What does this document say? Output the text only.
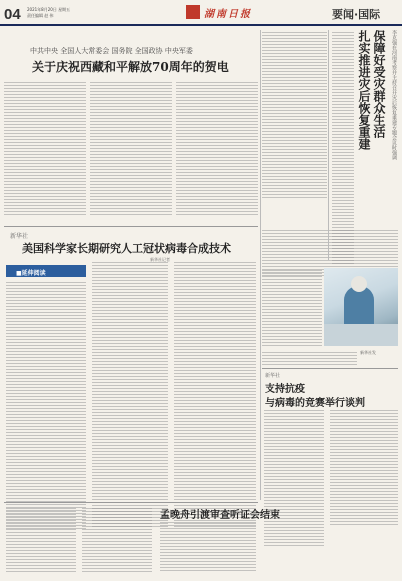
04 2021年8月20日 星期五
责任编辑 赵 伟	湖南日报	要闻·国际
中共中央 全国人大常委会 国务院 全国政协 中央军委
关于庆祝西藏和平解放70周年的贺电	李克强在河南考察并主持召开灾后恢复重建专题会议时强调
保障好受灾群众生活
扎实推进灾后恢复重建
新华社
美国科学家长期研究人工冠状病毒合成技术
新华社记者
■延伸阅读
新华社发
新华社
支持抗疫
与病毒的竞赛举行谈判
孟晚舟引渡审查听证会结束
